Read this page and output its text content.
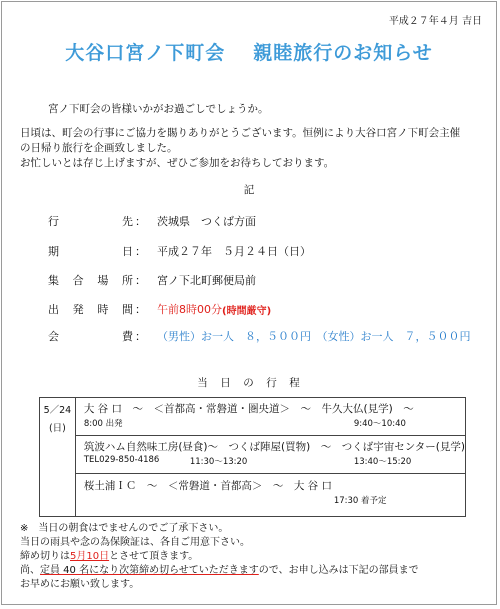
平成２７年４月 吉日
大谷口宮ノ下町会 親睦旅行のお知らせ
宮ノ下町会の皆様いかがお過ごしでしょうか。
日頃は、町会の行事にご協力を賜りありがとうございます。恒例により大谷口宮ノ下町会主催
の日帰り旅行を企画致しました。
お忙しいとは存じ上げますが、ぜひご参加をお待ちしております。
記
行	先 ：	茨城県　つくば方面
期	日 ：	平成２７年　５月２４日（日）
集 合 場 所 ：	宮ノ下北町郵便局前
出 発 時 間 ：	午前8時00分 (時間厳守)
会	費 ：	（男性）お一人　８，５００円　（女性）お一人　７，５００円
当　日　の　行　程
5／24
(日)

大 谷 口　～　＜首都高・常磐道・圏央道＞　～　牛久大仏(見学)　～
8:00 出発	9:40～10:40

筑波ハム自然味工房(昼食)～　つくば陣屋(買物)　～　つくば宇宙センター(見学)
TEL029-850-4186	11:30～13:20	13:40～15:20

桜土浦ＩＣ　～　＜常磐道・首都高＞　～　大 谷 口
17:30 着予定
※　当日の朝食はでませんのでご了承下さい。
当日の雨具や念の為保険証は、各自ご用意下さい。
締め切りは5月10日とさせて頂きます。
尚、定員 40 名になり次第締め切らせていただきますので、お申し込みは下記の部員まで
お早めにお願い致します。
